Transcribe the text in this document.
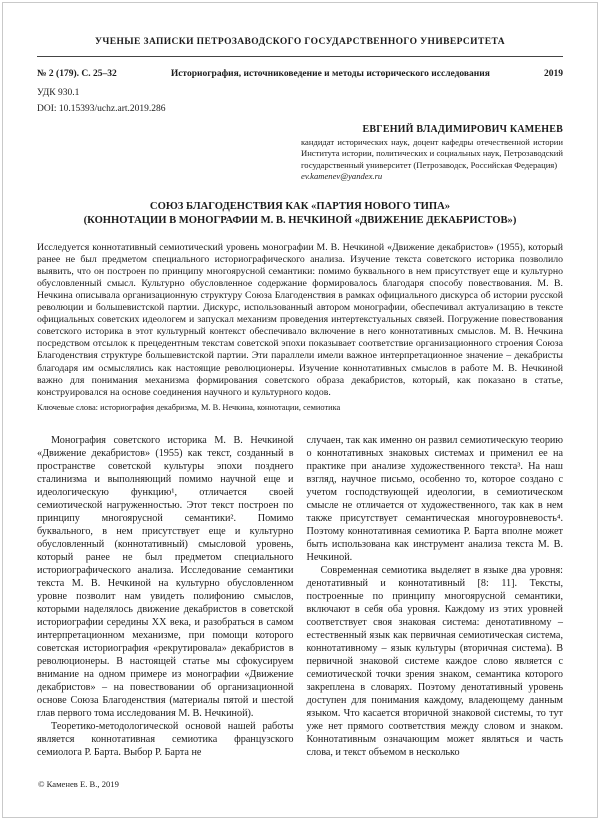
УЧЕНЫЕ ЗАПИСКИ ПЕТРОЗАВОДСКОГО ГОСУДАРСТВЕННОГО УНИВЕРСИТЕТА
№ 2 (179). С. 25–32	Историография, источниковедение и методы исторического исследования	2019
УДК 930.1
DOI: 10.15393/uchz.art.2019.286
ЕВГЕНИЙ ВЛАДИМИРОВИЧ КАМЕНЕВ
кандидат исторических наук, доцент кафедры отечественной истории Института истории, политических и социальных наук, Петрозаводский государственный университет (Петрозаводск, Российская Федерация)
ev.kamenev@yandex.ru
СОЮЗ БЛАГОДЕНСТВИЯ КАК «ПАРТИЯ НОВОГО ТИПА»
(КОННОТАЦИИ В МОНОГРАФИИ М. В. НЕЧКИНОЙ «ДВИЖЕНИЕ ДЕКАБРИСТОВ»)
Исследуется коннотативный семиотический уровень монографии М. В. Нечкиной «Движение декабристов» (1955), который ранее не был предметом специального историографического анализа. Изучение текста советского историка позволило выявить, что он построен по принципу многоярусной семантики: помимо буквального в нем присутствует еще и культурно обусловленный смысл. Культурно обусловленное содержание формировалось благодаря способу повествования. М. В. Нечкина описывала организационную структуру Союза Благоденствия в рамках официального дискурса об истории русской революции и большевистской партии. Дискурс, использованный автором монографии, обеспечивал актуализацию в тексте официальных советских идеологем и запускал механизм проведения интертекстуальных связей. Погружение повествования советского историка в этот культурный контекст обеспечивало включение в него коннотативных смыслов. М. В. Нечкина посредством отсылок к прецедентным текстам советской эпохи показывает соответствие организационного строения Союза Благоденствия структуре большевистской партии. Эти параллели имели важное интерпретационное значение – декабристы благодаря им осмыслялись как настоящие революционеры. Изучение коннотативных смыслов в работе М. В. Нечкиной важно для понимания механизма формирования советского образа декабристов, который, как показано в статье, конструировался на основе соединения научного и культурного кодов.
Ключевые слова: историография декабризма, М. В. Нечкина, коннотации, семиотика

Монография советского историка М. В. Нечкиной «Движение декабристов» (1955) как текст, созданный в пространстве советской культуры эпохи позднего сталинизма и выполняющий помимо научной еще и идеологическую функцию¹, отличается своей семиотической нагруженностью. Этот текст построен по принципу многоярусной семантики². Помимо буквального, в нем присутствует еще и культурно обусловленный (коннотативный) смысловой уровень, который ранее не был предметом специального историографического анализа. Исследование семантики текста М. В. Нечкиной на культурно обусловленном уровне позволит нам увидеть полифонию смыслов, которыми наделялось движение декабристов в советской историографии середины XX века, и разобраться в самом интерпретационном механизме, при помощи которого советская историография «рекрутировала» декабристов в революционеры. В настоящей статье мы сфокусируем внимание на одном примере из монографии «Движение декабристов» – на повествовании об организационной основе Союза Благоденствия (материалы пятой и шестой глав первого тома исследования М. В. Нечкиной).

Теоретико-методологической основой нашей работы является коннотативная семиотика французского семиолога Р. Барта. Выбор Р. Барта не

случаен, так как именно он развил семиотическую теорию о коннотативных знаковых системах и применил ее на практике при анализе художественного текста³. На наш взгляд, научное письмо, особенно то, которое создано с учетом господствующей идеологии, в семиотическом смысле не отличается от художественного, так как в нем также присутствует семантическая многоуровневость⁴. Поэтому коннотативная семиотика Р. Барта вполне может быть использована как инструмент анализа текста М. В. Нечкиной.

Современная семиотика выделяет в языке два уровня: денотативный и коннотативный [8: 11]. Тексты, построенные по принципу многоярусной семантики, включают в себя оба уровня. Каждому из этих уровней соответствует своя знаковая система: денотативному – естественный язык как первичная семиотическая система, коннотативному – язык культуры (вторичная система). В первичной знаковой системе каждое слово является с семиотической точки зрения знаком, семантика которого закреплена в словарях. Поэтому денотативный уровень доступен для понимания каждому, владеющему данным языком. Что касается вторичной знаковой системы, то тут уже нет прямого соответствия между словом и знаком. Коннотативным означающим может являться и часть слова, и текст объемом в несколько

© Каменев Е. В., 2019
